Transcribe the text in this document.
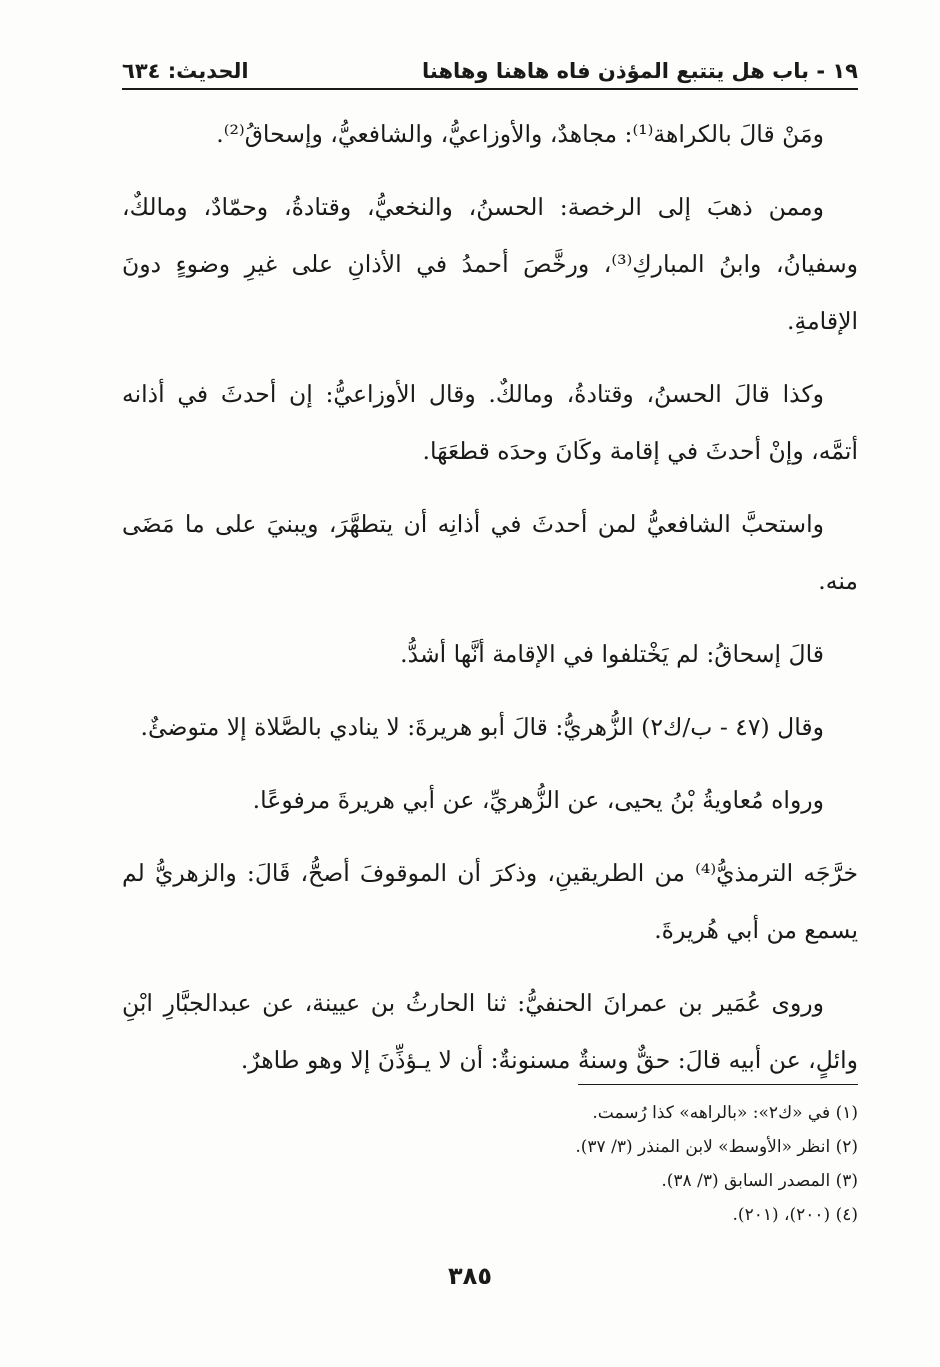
١٩ - باب هل يتتبع المؤذن فاه هاهنا وهاهنا
الحديث: ٦٣٤

ومَنْ قالَ بالكراهة⁽¹⁾: مجاهدٌ، والأوزاعيُّ، والشافعيُّ، وإسحاقُ⁽²⁾.

وممن ذهبَ إلى الرخصة: الحسنُ، والنخعيُّ، وقتادةُ، وحمّادٌ، ومالكٌ، وسفيانُ، وابنُ المباركِ⁽³⁾، ورخَّصَ أحمدُ في الأذانِ على غيرِ وضوءٍ دونَ الإقامةِ.

وكذا قالَ الحسنُ، وقتادةُ، ومالكٌ. وقال الأوزاعيُّ: إن أحدثَ في أذانه أتمَّه، وإنْ أحدثَ في إقامة وكَانَ وحدَه قطعَهَا.

واستحبَّ الشافعيُّ لمن أحدثَ في أذانِه أن يتطهَّرَ، ويبنيَ على ما مَضَى منه.

قالَ إسحاقُ: لم يَخْتلفوا في الإقامة أنَّها أشدُّ.

وقال (٤٧ - ب/ك٢) الزُّهريُّ: قالَ أبو هريرةَ: لا ينادي بالصَّلاة إلا متوضئٌ.

ورواه مُعاويةُ بْنُ يحيى، عن الزُّهريِّ، عن أبي هريرةَ مرفوعًا.

خرَّجَه الترمذيُّ⁽⁴⁾ من الطريقينِ، وذكرَ أن الموقوفَ أصحُّ، قَالَ: والزهريُّ لم يسمع من أبي هُريرةَ.

وروى عُمَير بن عمرانَ الحنفيُّ: ثنا الحارثُ بن عيينة، عن عبدالجبَّارِ ابْنِ وائلٍ، عن أبيه قالَ: حقٌّ وسنةٌ مسنونةٌ: أن لا يـؤذِّنَ إلا وهو طاهرٌ.

(١) في «ك٢»: «بالراهه» كذا رُسمت.

(٢) انظر «الأوسط» لابن المنذر (٣/ ٣٧).

(٣) المصدر السابق (٣/ ٣٨).

(٤) (٢٠٠)، (٢٠١).

٣٨٥
